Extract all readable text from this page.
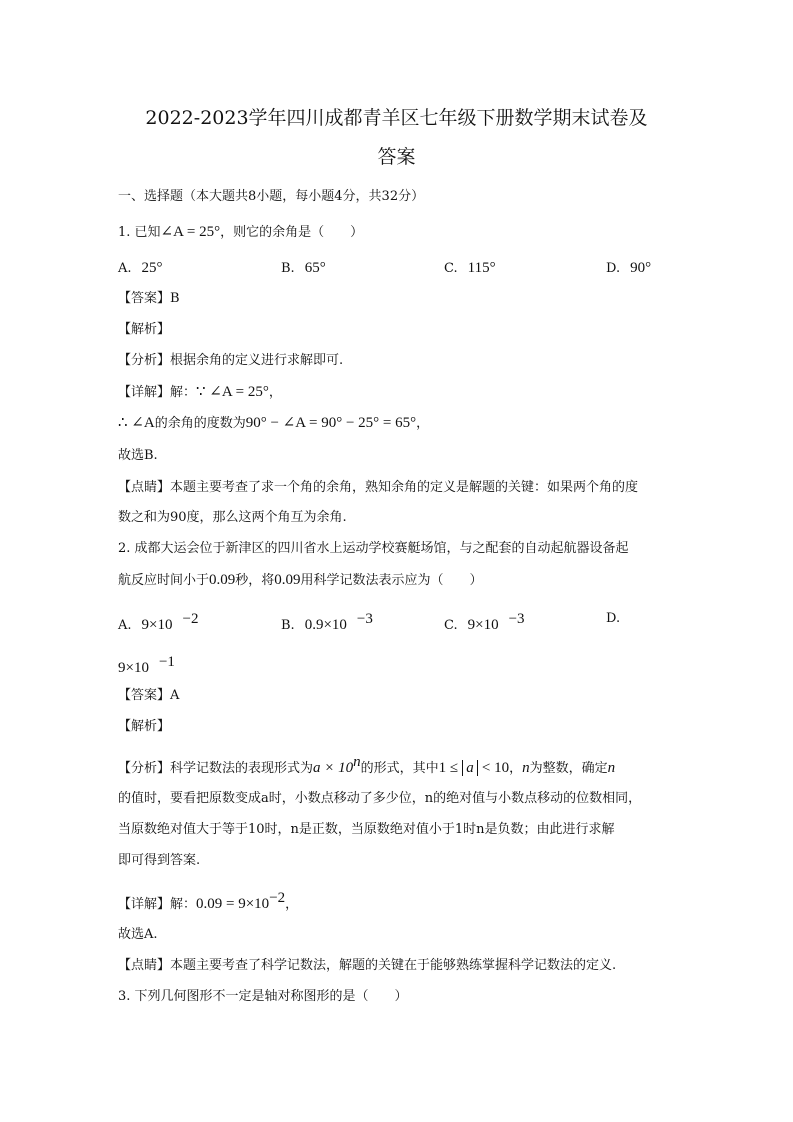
2022-2023学年四川成都青羊区七年级下册数学期末试卷及
答案
一、选择题（本大题共8小题，每小题4分，共32分）
1. 已知∠A = 25°，则它的余角是（　　）
A. 25°	B. 65°	C. 115°	D. 90°
【答案】B
【解析】
【分析】根据余角的定义进行求解即可.
【详解】解：∵ ∠A = 25°，
∴ ∠A的余角的度数为90° − ∠A = 90° − 25° = 65°，
故选B.
【点睛】本题主要考查了求一个角的余角，熟知余角的定义是解题的关键：如果两个角的度
数之和为90度，那么这两个角互为余角.
2. 成都大运会位于新津区的四川省水上运动学校赛艇场馆，与之配套的自动起航器设备起
航反应时间小于0.09秒，将0.09用科学记数法表示应为（　　）
A. 9×10 $^{-2}$	B. 0.9×10 $^{-3}$	C. 9×10 $^{-3}$	D.
9×10 $^{-1}$
【答案】A
【解析】
【分析】科学记数法的表现形式为$a \times 10^n$的形式，其中1 ≤ a < 10，n为整数，确定n
的值时，要看把原数变成a时，小数点移动了多少位，n的绝对值与小数点移动的位数相同，
当原数绝对值大于等于10时，n是正数，当原数绝对值小于1时n是负数；由此进行求解
即可得到答案.
【详解】解：$0.09 = 9\times 10^{-2}$，
故选A.
【点睛】本题主要考查了科学记数法，解题的关键在于能够熟练掌握科学记数法的定义.
3. 下列几何图形不一定是轴对称图形的是（　　）
